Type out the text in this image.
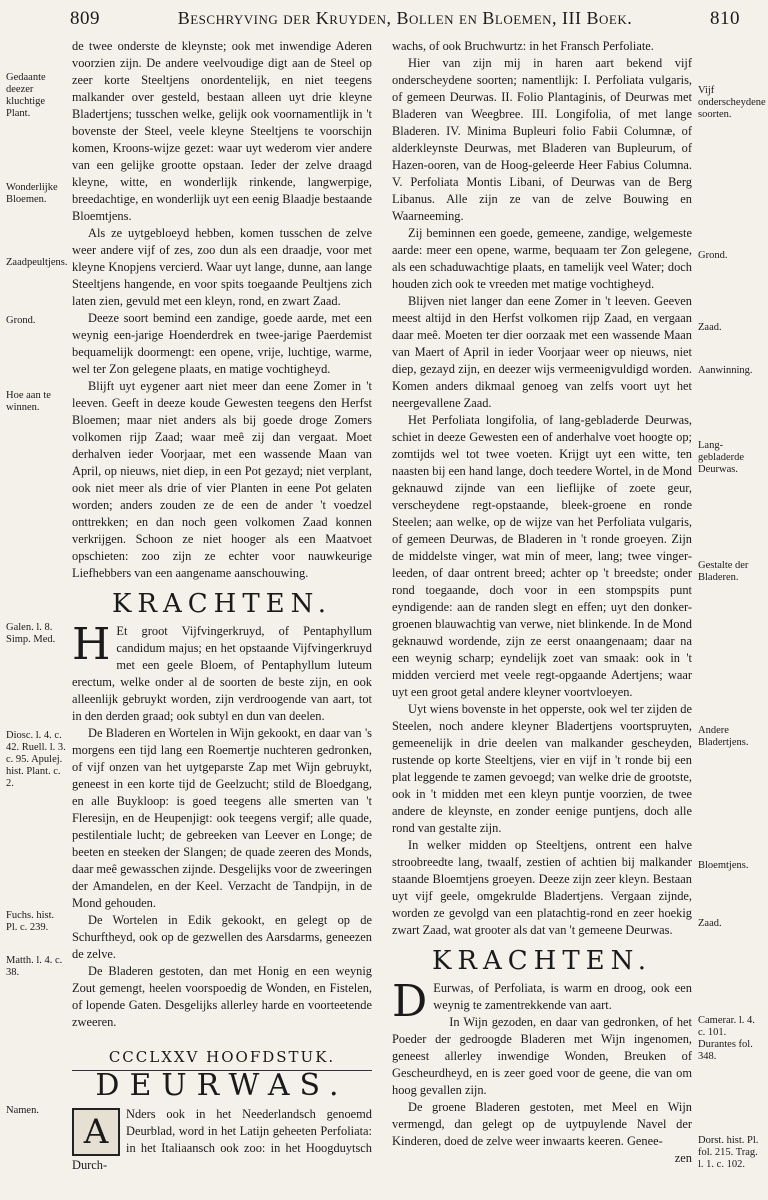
809	Beschryving der Kruyden, Bollen en Bloemen, III Boek.	810
Gedaante deezer kluchtige Plant.
Wonderlijke Bloemen.
Zaadpeultjens.
Grond.
Hoe aan te winnen.
Galen. l. 8. Simp. Med.
Diosc. l. 4. c. 42. Ruell. l. 3. c. 95. Apulej. hist. Plant. c. 2.
Fuchs. hist. Pl. c. 239.
Matth. l. 4. c. 38.
Namen.
Vijf onderscheydene soorten.
Grond.
Zaad.
Aanwinning.
Lang-gebladerde Deurwas.
Gestalte der Bladeren.
Andere Bladertjens.
Bloemtjens.
Zaad.
Camerar. l. 4. c. 101. Durantes fol. 348.
Dorst. hist. Pl. fol. 215. Trag. l. 1. c. 102.

de twee onderste de kleynste; ook met inwendige Aderen voorzien zijn. De andere veelvoudige digt aan de Steel op zeer korte Steeltjens onordentelijk, en niet teegens malkander over gesteld, bestaan alleen uyt drie kleyne Bladertjens; tusschen welke, gelijk ook voornamentlijk in 't bovenste der Steel, veele kleyne Steeltjens te voorschijn komen, Kroons-wijze gezet: waar uyt wederom vier andere van een gelijke grootte opstaan. Ieder der zelve draagd kleyne, witte, en wonderlijk rinkende, langwerpige, breedachtige, en wonderlijk uyt een eenig Blaadje bestaande Bloemtjens.

Als ze uytgebloeyd hebben, komen tusschen de zelve weer andere vijf of zes, zoo dun als een draadje, voor met kleyne Knopjens vercierd. Waar uyt lange, dunne, aan lange Steeltjens hangende, en voor spits toegaande Peultjens zich laten zien, gevuld met een kleyn, rond, en zwart Zaad.

Deeze soort bemind een zandige, goede aarde, met een weynig een-jarige Hoenderdrek en twee-jarige Paerdemist bequamelijk doormengt: een opene, vrije, luchtige, warme, wel ter Zon gelegene plaats, en matige vochtigheyd.

Blijft uyt eygener aart niet meer dan eene Zomer in 't leeven. Geeft in deeze koude Gewesten teegens den Herfst Bloemen; maar niet anders als bij goede droge Zomers volkomen rijp Zaad; waar meê zij dan vergaat. Moet derhalven ieder Voorjaar, met een wassende Maan van April, op nieuws, niet diep, in een Pot gezayd; niet verplant, ook niet meer als drie of vier Planten in eene Pot gelaten worden; anders zouden ze de een de ander 't voedzel onttrekken; en dan noch geen volkomen Zaad konnen verkrijgen. Schoon ze niet hooger als een Maatvoet opschieten: zoo zijn ze echter voor nauwkeurige Liefhebbers van een aangename aanschouwing.

KRACHTEN.

H Et groot Vijfvingerkruyd, of Pentaphyllum candidum majus; en het opstaande Vijfvingerkruyd met een geele Bloem, of Pentaphyllum luteum erectum, welke onder al de soorten de beste zijn, en ook alleenlijk gebruykt worden, zijn verdroogende van aart, tot in den derden graad; ook subtyl en dun van deelen.

De Bladeren en Wortelen in Wijn gekookt, en daar van 's morgens een tijd lang een Roemertje nuchteren gedronken, of vijf onzen van het uytgeparste Zap met Wijn gebruykt, geneest in een korte tijd de Geelzucht; stild de Bloedgang, en alle Buykloop: is goed teegens alle smerten van 't Fleresijn, en de Heupenjigt: ook teegens vergif; alle quade, pestilentiale lucht; de gebreeken van Leever en Longe; de beeten en steeken der Slangen; de quade zeeren des Monds, daar meê gewasschen zijnde. Desgelijks voor de zweeringen der Amandelen, en der Keel. Verzacht de Tandpijn, in de Mond gehouden.

De Wortelen in Edik gekookt, en gelegt op de Schurftheyd, ook op de gezwellen des Aarsdarms, geneezen de zelve.

De Bladeren gestoten, dan met Honig en een weynig Zout gemengt, heelen voorspoedig de Wonden, en Fistelen, of lopende Gaten. Desgelijks allerley harde en voorteetende zweeren.

CCCLXXV HOOFDSTUK.
DEURWAS.

A	Nders ook in het Neederlandsch genoemd Deurblad, word in het Latijn geheeten Perfoliata: in het Italiaansch ook zoo: in het Hoogduytsch Durch-

wachs, of ook Bruchwurtz: in het Fransch Perfoliate.

Hier van zijn mij in haren aart bekend vijf onderscheydene soorten; namentlijk: I. Perfoliata vulgaris, of gemeen Deurwas. II. Folio Plantaginis, of Deurwas met Bladeren van Weegbree. III. Longifolia, of met lange Bladeren. IV. Minima Bupleuri folio Fabii Columnæ, of alderkleynste Deurwas, met Bladeren van Bupleurum, of Hazen-ooren, van de Hoog-geleerde Heer Fabius Columna. V. Perfoliata Montis Libani, of Deurwas van de Berg Libanus. Alle zijn ze van de zelve Bouwing en Waarneeming.

Zij beminnen een goede, gemeene, zandige, welgemeste aarde: meer een opene, warme, bequaam ter Zon gelegene, als een schaduwachtige plaats, en tamelijk veel Water; doch houden zich ook te vreeden met matige vochtigheyd.

Blijven niet langer dan eene Zomer in 't leeven. Geeven meest altijd in den Herfst volkomen rijp Zaad, en vergaan daar meê. Moeten ter dier oorzaak met een wassende Maan van Maert of April in ieder Voorjaar weer op nieuws, niet diep, gezayd zijn, en deezer wijs vermeenigvuldigd worden. Komen anders dikmaal genoeg van zelfs voort uyt het neergevallene Zaad.

Het Perfoliata longifolia, of lang-gebladerde Deurwas, schiet in deeze Gewesten een of anderhalve voet hoogte op; zomtijds wel tot twee voeten. Krijgt uyt een witte, ten naasten bij een hand lange, doch teedere Wortel, in de Mond geknauwd zijnde van een lieflijke of zoete geur, verscheydene regt-opstaande, bleek-groene en ronde Steelen; aan welke, op de wijze van het Perfoliata vulgaris, of gemeen Deurwas, de Bladeren in 't ronde groeyen. Zijn de middelste vinger, wat min of meer, lang; twee vinger-leeden, of daar ontrent breed; achter op 't breedste; onder rond toegaande, doch voor in een stompspits punt eyndigende: aan de randen slegt en effen; uyt den donker-groenen blauwachtig van verwe, niet blinkende. In de Mond geknauwd wordende, zijn ze eerst onaangenaam; daar na een weynig scharp; eyndelijk zoet van smaak: ook in 't midden vercierd met veele regt-opgaande Adertjens; waar uyt een groot getal andere kleyner voortvloeyen.

Uyt wiens bovenste in het opperste, ook wel ter zijden de Steelen, noch andere kleyner Bladertjens voortspruyten, gemeenelijk in drie deelen van malkander gescheyden, rustende op korte Steeltjens, vier en vijf in 't ronde bij een plat leggende te zamen gevoegd; van welke drie de grootste, ook in 't midden met een kleyn puntje voorzien, de twee andere de kleynste, en zonder eenige puntjens, doch alle rond van gestalte zijn.

In welker midden op Steeltjens, ontrent een halve stroobreedte lang, twaalf, zestien of achtien bij malkander staande Bloemtjens groeyen. Deeze zijn zeer kleyn. Bestaan uyt vijf geele, omgekrulde Bladertjens. Vergaan zijnde, worden ze gevolgd van een platachtig-rond en zeer hoekig zwart Zaad, wat grooter als dat van 't gemeene Deurwas.

KRACHTEN.

D Eurwas, of Perfoliata, is warm en droog, ook een weynig te zamentrekkende van aart.

In Wijn gezoden, en daar van gedronken, of het Poeder der gedroogde Bladeren met Wijn ingenomen, geneest allerley inwendige Wonden, Breuken of Gescheurdheyd, en is zeer goed voor de geene, die van om hoog gevallen zijn.

De groene Bladeren gestoten, met Meel en Wijn vermengd, dan gelegt op de uytpuylende Navel der Kinderen, doed de zelve weer inwaarts keeren. Genee-

zen
